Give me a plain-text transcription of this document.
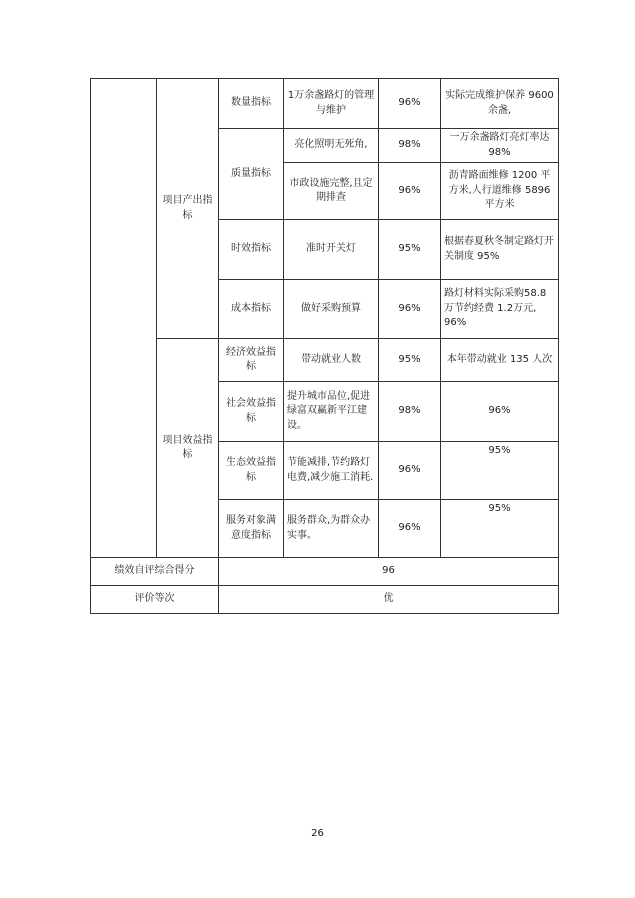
	项目产出指标	数量指标	1万余盏路灯的管理与维护	96%	实际完成维护保养 9600 余盏,
		质量指标	亮化照明无死角,	98%	一万余盏路灯亮灯率达 98%
			市政设施完整,且定期排查	96%	沥青路面维修 1200 平方米,人行道维修 5896 平方米
		时效指标	准时开关灯	95%	根据春夏秋冬制定路灯开关制度 95%
		成本指标	做好采购预算	96%	路灯材料实际采购58.8万节约经费 1.2万元, 96%
	项目效益指标	经济效益指标	带动就业人数	95%	本年带动就业 135 人次
		社会效益指标	提升城市品位,促进绿富双赢新平江建设。	98%	96%
		生态效益指标	节能减排,节约路灯电费,减少施工消耗.	96%	95%
		服务对象满意度指标	服务群众,为群众办实事。	96%	95%
绩效自评综合得分		96			
评价等次		优			
26
